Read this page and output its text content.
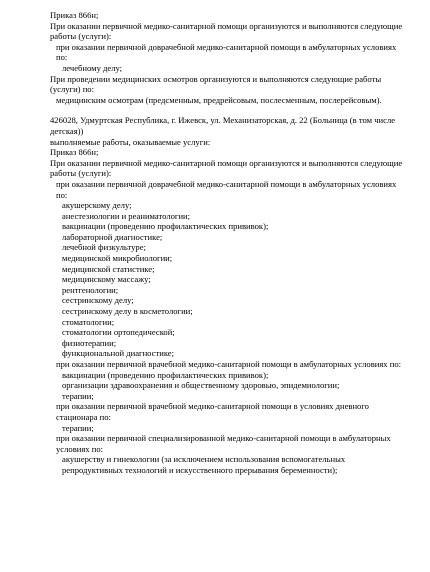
Приказ 866н;
При оказании первичной медико-санитарной помощи организуются и выполняются следующие работы (услуги):
при оказании первичной доврачебной медико-санитарной помощи в амбулаторных условиях по:
лечебному делу;
При проведении медицинских осмотров организуются и выполняются следующие работы (услуги) по:
медицинским осмотрам (предсменным, предрейсовым, послесменным, послерейсовым).
426028, Удмуртская Республика, г. Ижевск, ул. Механизаторская, д. 22 (Больница (в том числе детская))
выполняемые работы, оказываемые услуги:
Приказ 866н;
При оказании первичной медико-санитарной помощи организуются и выполняются следующие работы (услуги):
при оказании первичной доврачебной медико-санитарной помощи в амбулаторных условиях по:
акушерскому делу;
анестезиологии и реаниматологии;
вакцинации (проведению профилактических прививок);
лабораторной диагностике;
лечебной физкультуре;
медицинской микробиологии;
медицинской статистике;
медицинскому массажу;
рентгенологии;
сестринскому делу;
сестринскому делу в косметологии;
стоматологии;
стоматологии ортопедической;
физиотерапии;
функциональной диагностике;
при оказании первичной врачебной медико-санитарной помощи в амбулаторных условиях по:
вакцинации (проведению профилактических прививок);
организации здравоохранения и общественному здоровью, эпидемиологии;
терапии;
при оказании первичной врачебной медико-санитарной помощи в условиях дневного стационара по:
терапии;
при оказании первичной специализированной медико-санитарной помощи в амбулаторных условиях по:
акушерству и гинекологии (за исключением использования вспомогательных репродуктивных технологий и искусственного прерывания беременности);
